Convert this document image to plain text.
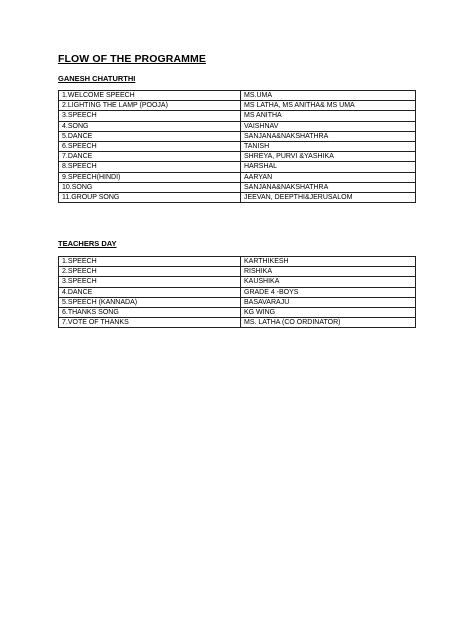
FLOW OF THE PROGRAMME
GANESH CHATURTHI
1.WELCOME SPEECH	MS.UMA
2.LIGHTING THE LAMP (POOJA)	MS LATHA, MS ANITHA& MS UMA
3.SPEECH	MS ANITHA
4.SONG	VAISHNAV
5.DANCE	SANJANA&NAKSHATHRA
6.SPEECH	TANISH
7.DANCE	SHREYA, PURVI &YASHIKA
8.SPEECH	HARSHAL
9.SPEECH(HINDI)	AARYAN
10.SONG	SANJANA&NAKSHATHRA
11.GROUP SONG	JEEVAN, DEEPTHI&JERUSALOM
TEACHERS DAY
1.SPEECH	KARTHIKESH
2.SPEECH	RISHIKA
3.SPEECH	KAUSHIKA
4.DANCE	GRADE 4 -BOYS
5.SPEECH (KANNADA)	BASAVARAJU
6.THANKS SONG	KG WING
7.VOTE OF THANKS	MS. LATHA (CO ORDINATOR)
